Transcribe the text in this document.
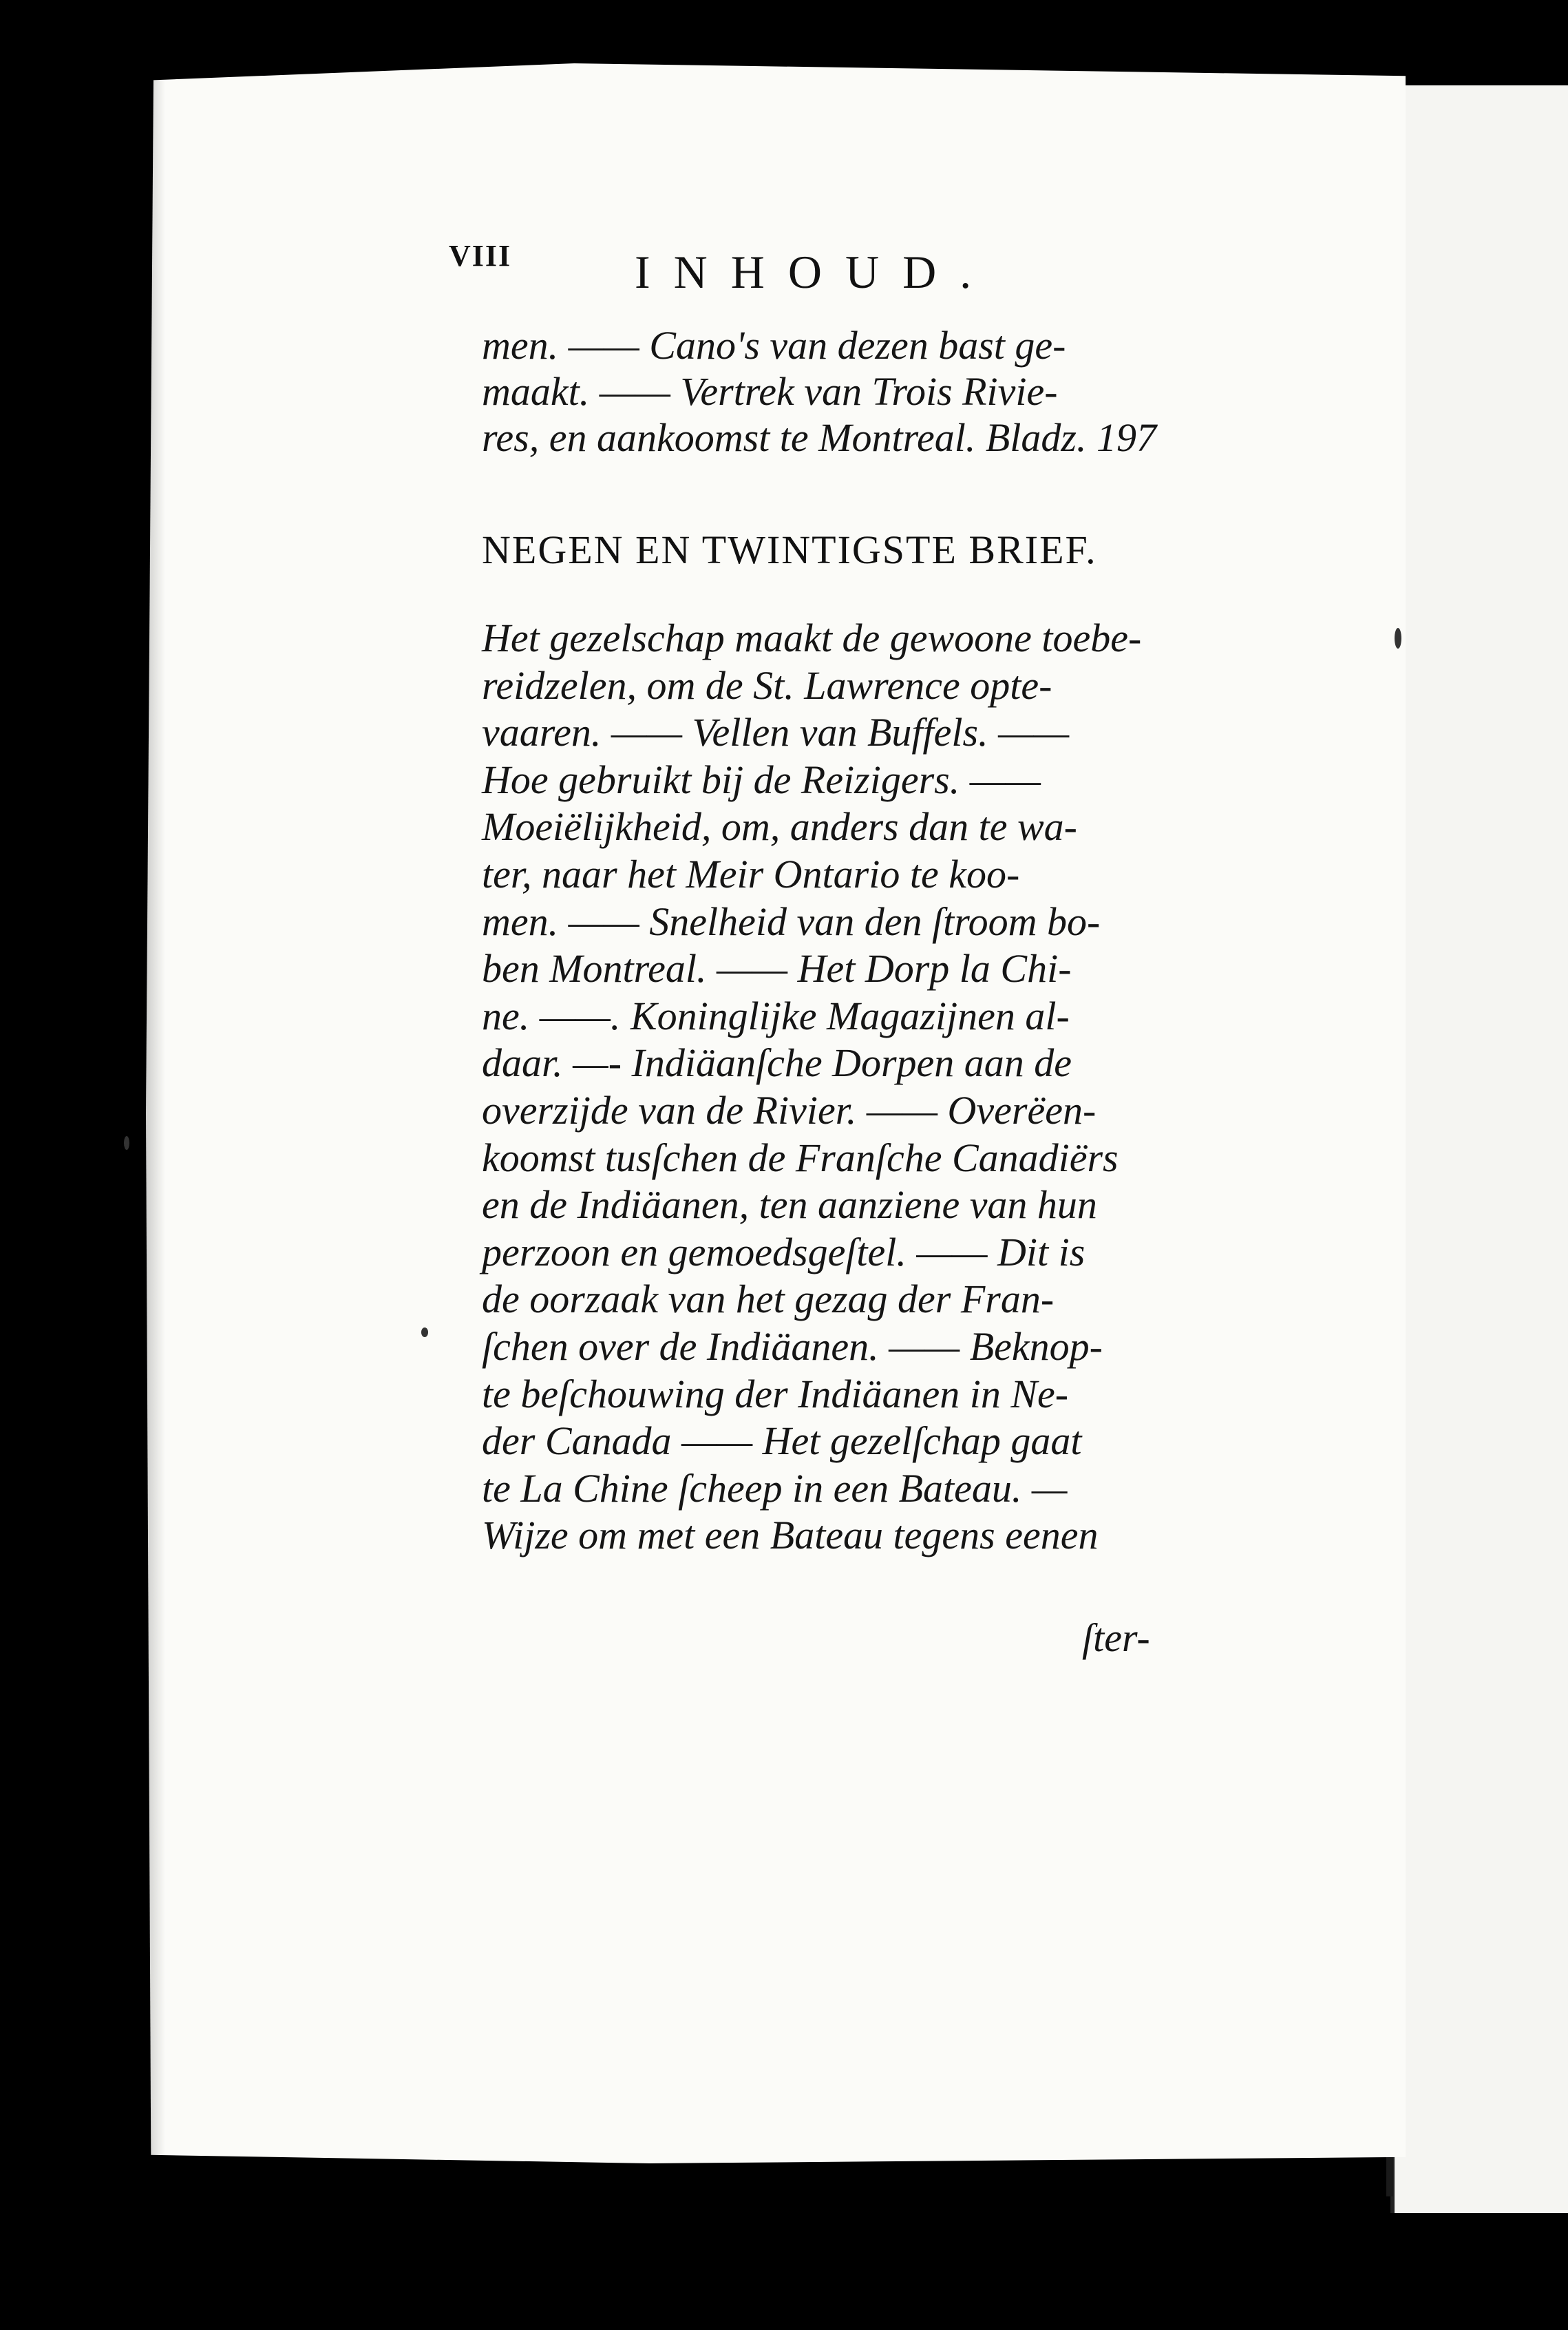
VIII	INHOUD.
men. —— Cano's van dezen bast ge-
maakt. —— Vertrek van Trois Rivie-
res, en aankoomst te Montreal. Bladz. 197
NEGEN EN TWINTIGSTE BRIEF.
Het gezelschap maakt de gewoone toebe-
reidzelen, om de St. Lawrence opte-
vaaren. —— Vellen van Buffels. ——
Hoe gebruikt bij de Reizigers. ——
Moeiëlijkheid, om, anders dan te wa-
ter, naar het Meir Ontario te koo-
men. —— Snelheid van den ſtroom bo-
ben Montreal. —— Het Dorp la Chi-
ne. ——. Koninglijke Magazijnen al-
daar. —- Indiäanſche Dorpen aan de
overzijde van de Rivier. —— Overëen-
koomst tusſchen de Franſche Canadiërs
en de Indiäanen, ten aanziene van hun
perzoon en gemoedsgeſtel. —— Dit is
de oorzaak van het gezag der Fran-
ſchen over de Indiäanen. —— Beknop-
te beſchouwing der Indiäanen in Ne-
der Canada —— Het gezelſchap gaat
te La Chine ſcheep in een Bateau. —
Wijze om met een Bateau tegens eenen
ſter-
